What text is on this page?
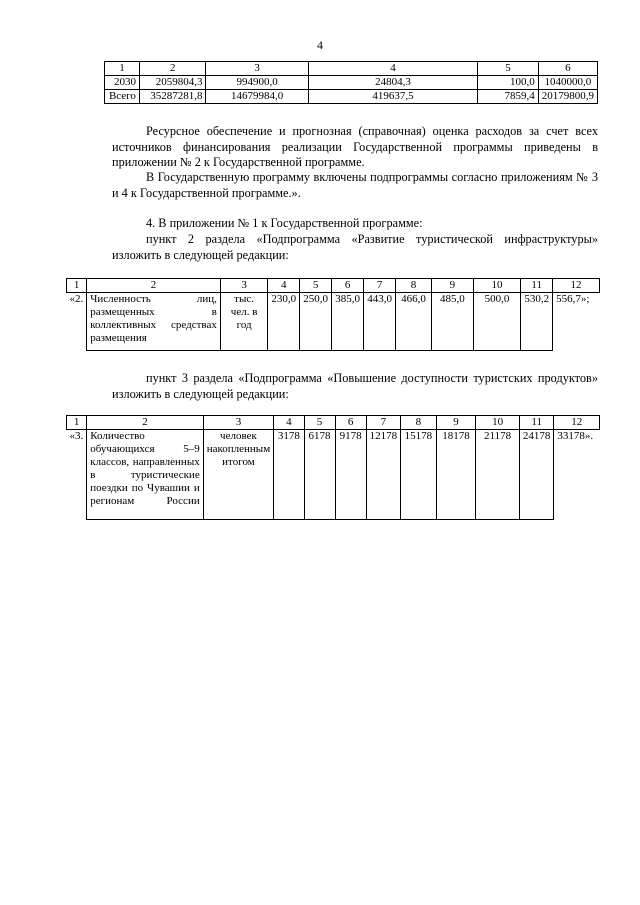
4
1	2	3	4	5	6
2030	2059804,3	994900,0	24804,3	100,0	1040000,0
Всего	35287281,8	14679984,0	419637,5	7859,4	20179800,9
Ресурсное обеспечение и прогнозная (справочная) оценка расходов за счет всех источников финансирования реализации Государственной программы приведены в приложении № 2 к Государственной программе.
В Государственную программу включены подпрограммы согласно приложениям № 3 и 4 к Государственной программе.».
4. В приложении № 1 к Государственной программе:
пункт 2 раздела «Подпрограмма «Развитие туристической инфраструктуры» изложить в следующей редакции:
1	2	3	4	5	6	7	8	9	10	11	12
«2.	Численность лиц, размещенных в коллективных средствах размещения	тыс. чел. в год	230,0	250,0	385,0	443,0	466,0	485,0	500,0	530,2	556,7»;
пункт 3 раздела «Подпрограмма «Повышение доступности туристских продуктов» изложить в следующей редакции:
1	2	3	4	5	6	7	8	9	10	11	12
«3.	Количество обучающихся 5–9 классов, направленных в туристические поездки по Чувашии и регионам России	человек накопленным итогом	3178	6178	9178	12178	15178	18178	21178	24178	33178».
